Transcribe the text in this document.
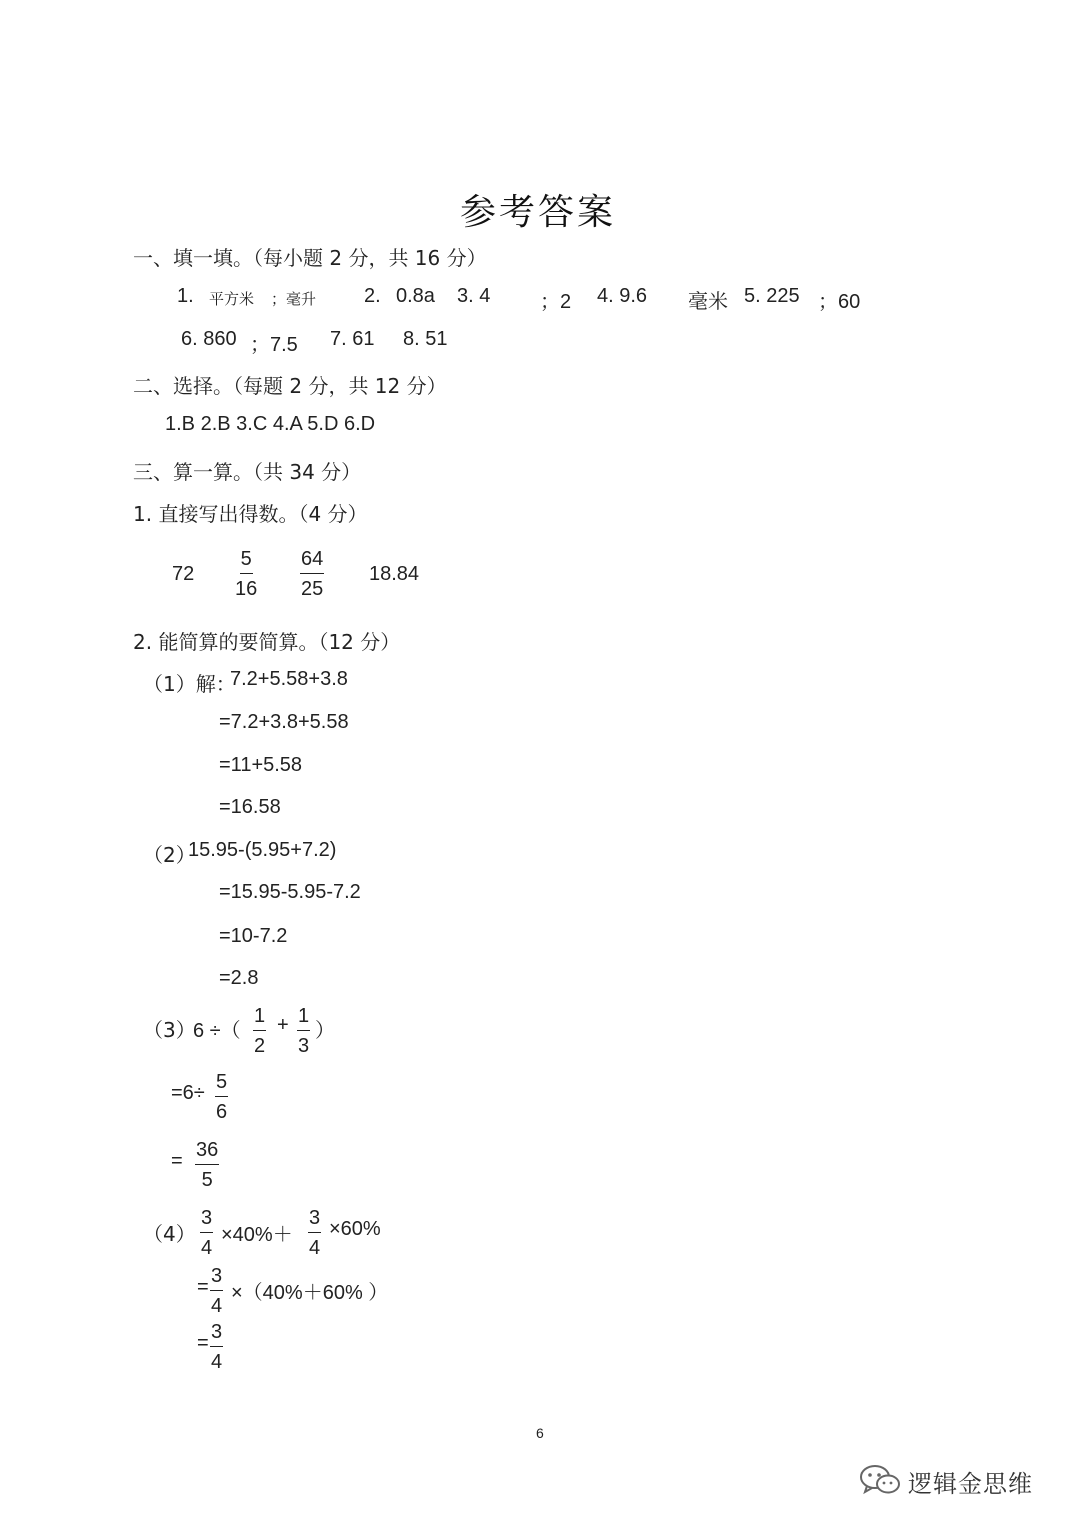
参考答案
一、填一填。（每小题 2 分，共 16 分）
1. 平方米 ；毫升 2. 0.8a 3. 4 ；2 4. 9.6 毫米 5. 225 ；60
6. 860 ；7.5 7. 61 8. 51
二、选择。（每题 2 分，共 12 分）
1.B 2.B 3.C 4.A 5.D 6.D
三、算一算。（共 34 分）
1. 直接写出得数。（4 分）
$72 \frac{5}{16} \frac{64}{25} 18.84$
2. 能简算的要简算。（12 分）
（1）解：
7.2+5.58+3.8
=7.2+3.8+5.58
=11+5.58
=16.58
（2）
15.95-(5.95+7.2)
=15.95-5.95-7.2
=10-7.2
=2.8
（3）
6 ÷（ $\frac{1}{2} + \frac{1}{3}$ ）
$=6\div \frac{5}{6}$
= $\frac{36}{5}$
$(4) \frac{3}{4} \times 40\%+ \frac{3}{4} \times 60\%$
= $\frac{3}{4} \times(40\%+60\%$ ）
= $\frac{3}{4}$
6
逻辑金思维
